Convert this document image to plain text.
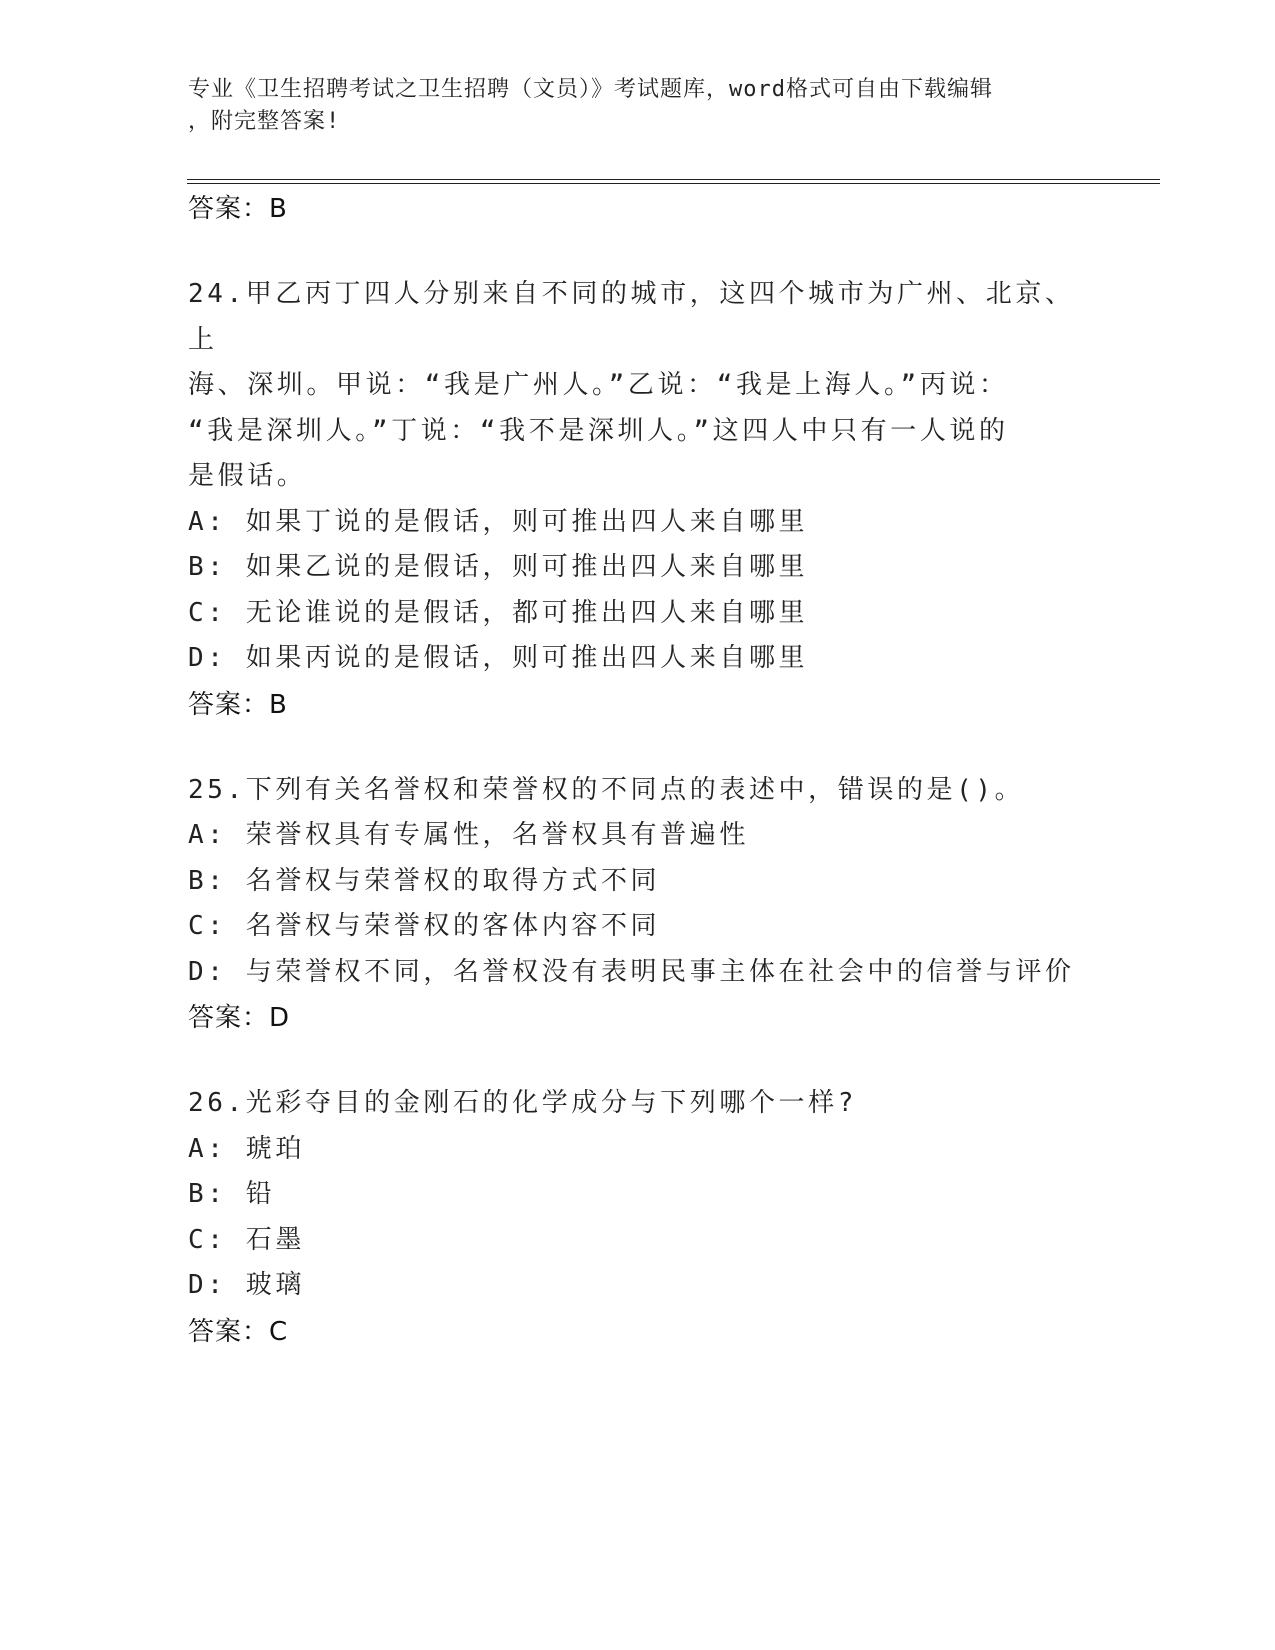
专业《卫生招聘考试之卫生招聘（文员）》考试题库，word格式可自由下载编辑
，附完整答案!
答案：B
24.甲乙丙丁四人分别来自不同的城市，这四个城市为广州、北京、上
海、深圳。甲说：“我是广州人。”乙说：“我是上海人。”丙说：
“我是深圳人。”丁说：“我不是深圳人。”这四人中只有一人说的
是假话。
A: 如果丁说的是假话，则可推出四人来自哪里
B: 如果乙说的是假话，则可推出四人来自哪里
C: 无论谁说的是假话，都可推出四人来自哪里
D: 如果丙说的是假话，则可推出四人来自哪里
答案：B
25.下列有关名誉权和荣誉权的不同点的表述中，错误的是()。
A: 荣誉权具有专属性，名誉权具有普遍性
B: 名誉权与荣誉权的取得方式不同
C: 名誉权与荣誉权的客体内容不同
D: 与荣誉权不同，名誉权没有表明民事主体在社会中的信誉与评价
答案：D
26.光彩夺目的金刚石的化学成分与下列哪个一样?
A: 琥珀
B: 铅
C: 石墨
D: 玻璃
答案：C
